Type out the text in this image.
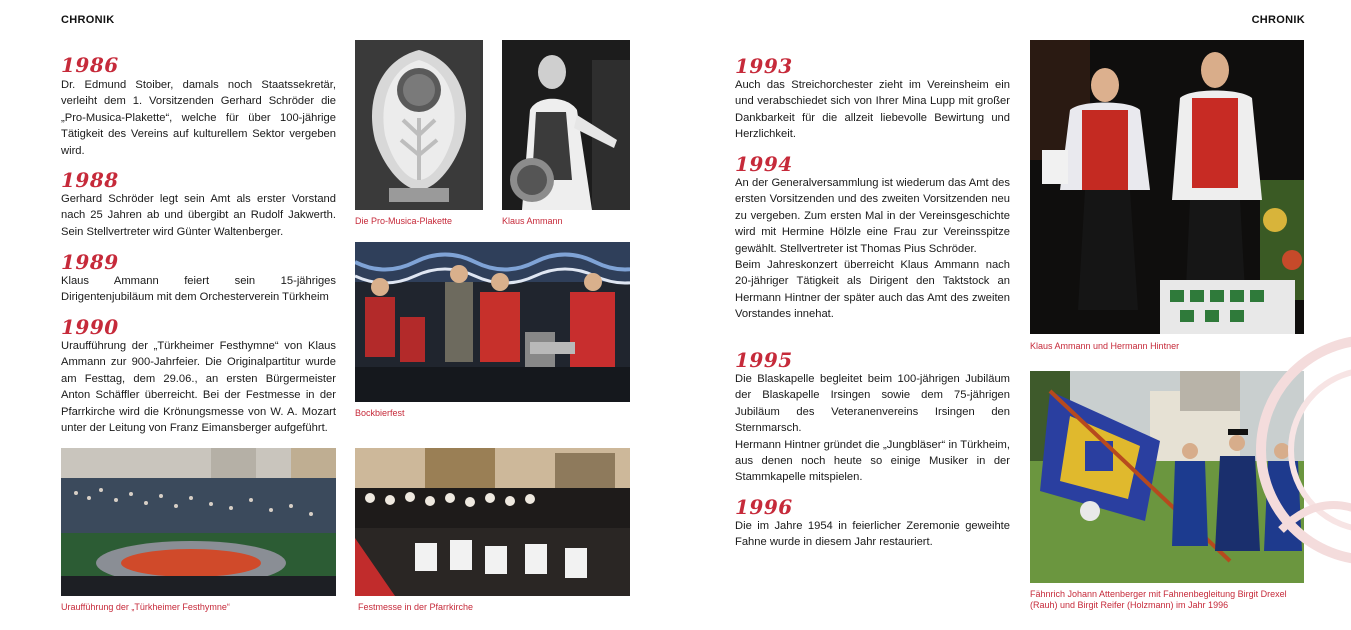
CHRONIK	CHRONIK
1986
Dr. Edmund Stoiber, damals noch Staatssekretär, verleiht dem 1. Vorsitzenden Gerhard Schröder die „Pro-Musica-Plakette“, welche für über 100-jährige Tätigkeit des Vereins auf kulturellem Sektor vergeben wird.
1988
Gerhard Schröder legt sein Amt als erster Vorstand nach 25 Jahren ab und übergibt an Rudolf Jakwerth. Sein Stellvertreter wird Günter Waltenberger.
1989
Klaus Ammann feiert sein 15-jähriges Dirigentenjubiläum mit dem Orchesterverein Türkheim
1990
Uraufführung der „Türkheimer Festhymne“ von Klaus Ammann zur 900-Jahrfeier. Die Originalpartitur wurde am Festtag, dem 29.06., an ersten Bürgermeister Anton Schäffler überreicht. Bei der Festmesse in der Pfarrkirche wird die Krönungsmesse von W. A. Mozart unter der Leitung von Franz Eimansberger aufgeführt.
Die Pro-Musica-Plakette	Klaus Ammann
Bockbierfest
Uraufführung der „Türkheimer Festhymne“	Festmesse in der Pfarrkirche
1993
Auch das Streichorchester zieht im Vereinsheim ein und verabschiedet sich von Ihrer Mina Lupp mit großer Dankbarkeit für die allzeit liebevolle Bewirtung und Herzlichkeit.
1994
An der Generalversammlung ist wiederum das Amt des ersten Vorsitzenden und des zweiten Vorsitzenden neu zu vergeben. Zum ersten Mal in der Vereinsgeschichte wird mit Hermine Hölzle eine Frau zur Vereinsspitze gewählt. Stellvertreter ist Thomas Pius Schröder.
Beim Jahreskonzert überreicht Klaus Ammann nach 20-jähriger Tätigkeit als Dirigent den Taktstock an Hermann Hintner der später auch das Amt des zweiten Vorstandes innehat.
1995
Die Blaskapelle begleitet beim 100-jährigen Jubiläum der Blaskapelle Irsingen sowie dem 75-jährigen Jubiläum des Veteranenvereins Irsingen den Sternmarsch.
Hermann Hintner gründet die „Jungbläser“ in Türkheim, aus denen noch heute so einige Musiker in der Stammkapelle mitspielen.
1996
Die im Jahre 1954 in feierlicher Zeremonie geweihte Fahne wurde in diesem Jahr restauriert.
Klaus Ammann und Hermann Hintner
Fähnrich Johann Attenberger mit Fahnenbegleitung Birgit Drexel (Rauh) und Birgit Reifer (Holzmann) im Jahr 1996
